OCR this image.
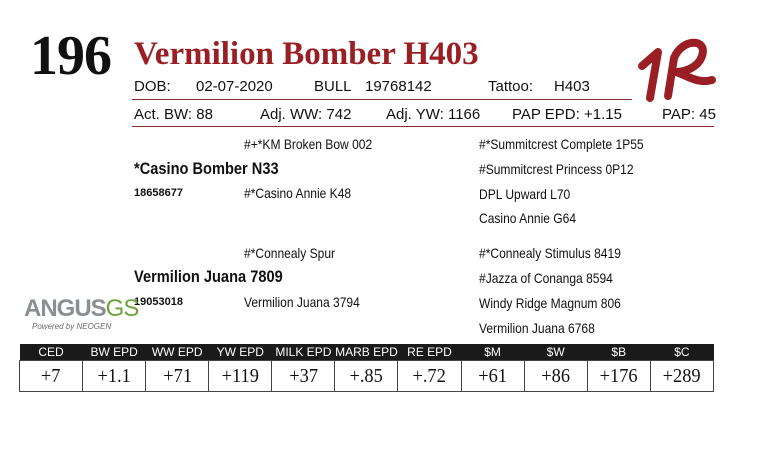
196 Vermilion Bomber H403
DOB: 02-07-2020	BULL 19768142	Tattoo: H403
Act. BW: 88	Adj. WW: 742 Adj. YW: 1166 PAP EPD: +1.15	PAP: 45
#+*KM Broken Bow 002	#*Summitcrest Complete 1P55
*Casino Bomber N33	#Summitcrest Princess 0P12
18658677	#*Casino Annie K48	DPL Upward L70
Casino Annie G64
#*Connealy Spur	#*Connealy Stimulus 8419
Vermilion Juana 7809	#Jazza of Conanga 8594
19053018	Vermilion Juana 3794	Windy Ridge Magnum 806
Vermilion Juana 6768
ANGUSGS
Powered by NEOGEN
CED	BW EPD	WW EPD	YW EPD	MILK EPD	MARB EPD	RE EPD	$M	$W	$B	$C
+7	+1.1	+71	+119	+37	+.85	+.72	+61	+86	+176	+289
